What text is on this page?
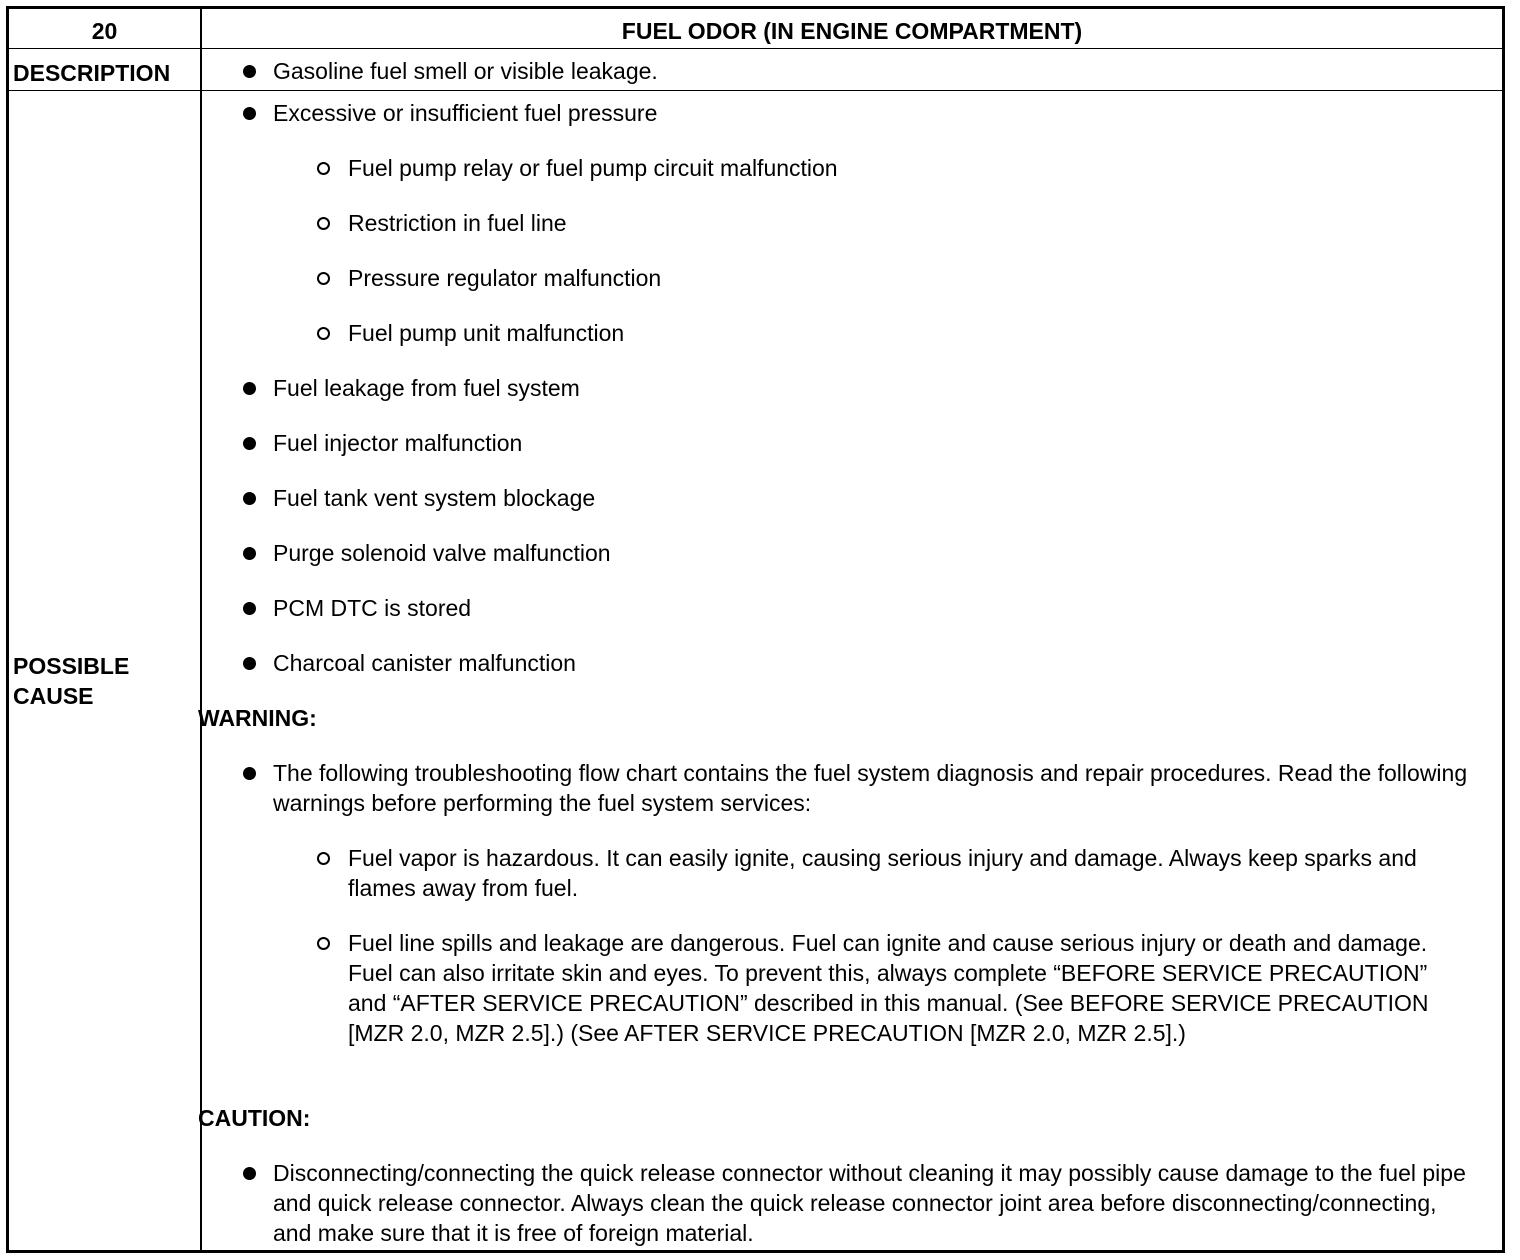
20	FUEL ODOR (IN ENGINE COMPARTMENT)
DESCRIPTION
POSSIBLE CAUSE
Gasoline fuel smell or visible leakage.
Excessive or insufficient fuel pressure
Fuel pump relay or fuel pump circuit malfunction
Restriction in fuel line
Pressure regulator malfunction
Fuel pump unit malfunction
Fuel leakage from fuel system
Fuel injector malfunction
Fuel tank vent system blockage
Purge solenoid valve malfunction
PCM DTC is stored
Charcoal canister malfunction
WARNING:
The following troubleshooting flow chart contains the fuel system diagnosis and repair procedures. Read the following warnings before performing the fuel system services:
Fuel vapor is hazardous. It can easily ignite, causing serious injury and damage. Always keep sparks and flames away from fuel.
Fuel line spills and leakage are dangerous. Fuel can ignite and cause serious injury or death and damage. Fuel can also irritate skin and eyes. To prevent this, always complete “BEFORE SERVICE PRECAUTION” and “AFTER SERVICE PRECAUTION” described in this manual. (See BEFORE SERVICE PRECAUTION [MZR 2.0, MZR 2.5].) (See AFTER SERVICE PRECAUTION [MZR 2.0, MZR 2.5].)
CAUTION:
Disconnecting/connecting the quick release connector without cleaning it may possibly cause damage to the fuel pipe and quick release connector. Always clean the quick release connector joint area before disconnecting/connecting, and make sure that it is free of foreign material.
